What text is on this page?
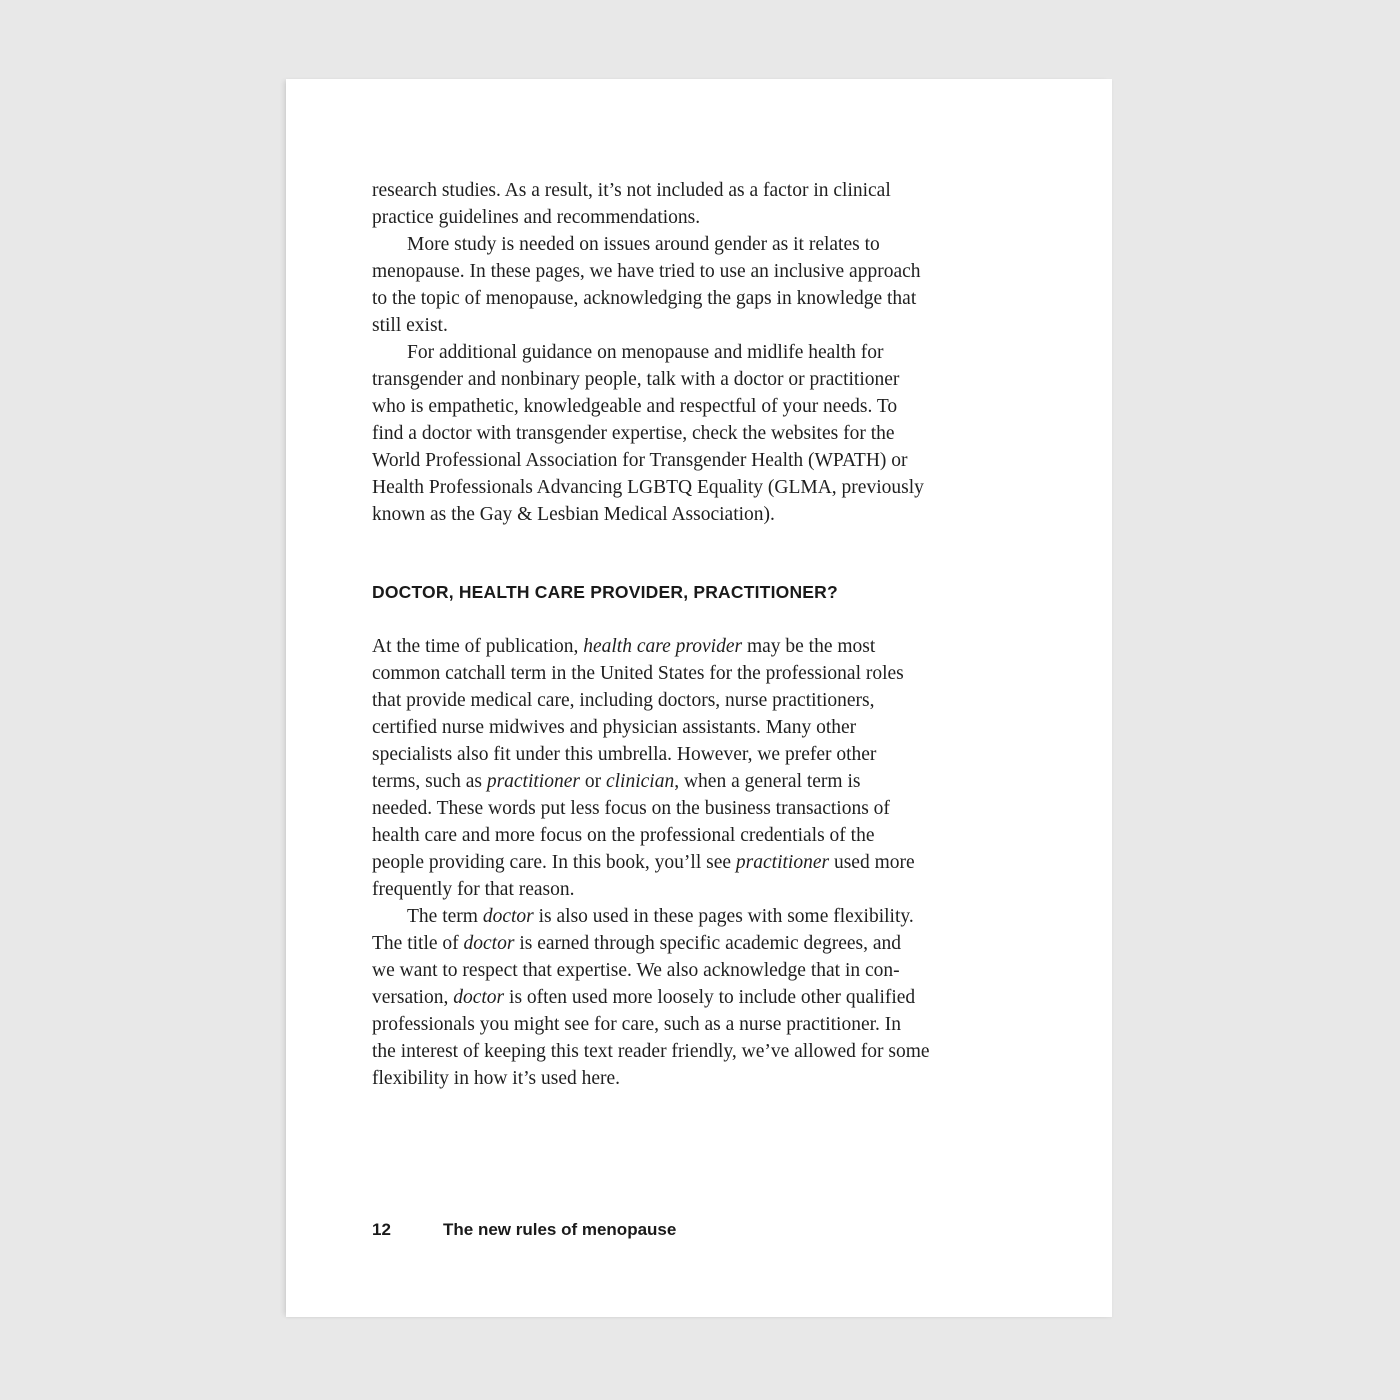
research studies. As a result, it’s not included as a factor in clinical
practice guidelines and recommendations.
More study is needed on issues around gender as it relates to
menopause. In these pages, we have tried to use an inclusive approach
to the topic of menopause, acknowledging the gaps in knowledge that
still exist.
For additional guidance on menopause and midlife health for
transgender and nonbinary people, talk with a doctor or practitioner
who is empathetic, knowledgeable and respectful of your needs. To
find a doctor with transgender expertise, check the websites for the
World Professional Association for Transgender Health (WPATH) or
Health Professionals Advancing LGBTQ Equality (GLMA, previously
known as the Gay & Lesbian Medical Association).
DOCTOR, HEALTH CARE PROVIDER, PRACTITIONER?
At the time of publication, health care provider may be the most
common catchall term in the United States for the professional roles
that provide medical care, including doctors, nurse practitioners,
certified nurse midwives and physician assistants. Many other
specialists also fit under this umbrella. However, we prefer other
terms, such as practitioner or clinician, when a general term is
needed. These words put less focus on the business transactions of
health care and more focus on the professional credentials of the
people providing care. In this book, you’ll see practitioner used more
frequently for that reason.
The term doctor is also used in these pages with some flexibility.
The title of doctor is earned through specific academic degrees, and
we want to respect that expertise. We also acknowledge that in con-
versation, doctor is often used more loosely to include other qualified
professionals you might see for care, such as a nurse practitioner. In
the interest of keeping this text reader friendly, we’ve allowed for some
flexibility in how it’s used here.
12	The new rules of menopause
